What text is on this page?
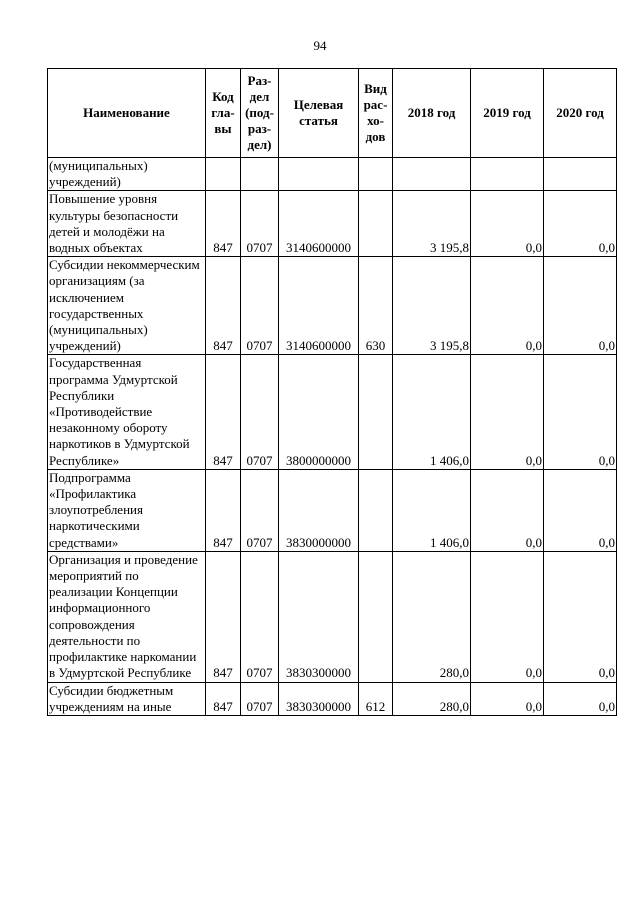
94
Наименование	Код гла-вы	Раз-дел (под-раз-дел)	Целевая статья	Вид рас-хо-дов	2018 год	2019 год	2020 год
(муниципальных) учреждений)							
Повышение уровня культуры безопасности детей и молодёжи на водных объектах	847	0707	3140600000		3 195,8	0,0	0,0
Субсидии некоммерческим организациям (за исключением государственных (муниципальных) учреждений)	847	0707	3140600000	630	3 195,8	0,0	0,0
Государственная программа Удмуртской Республики «Противодействие незаконному обороту наркотиков в Удмуртской Республике»	847	0707	3800000000		1 406,0	0,0	0,0
Подпрограмма «Профилактика злоупотребления наркотическими средствами»	847	0707	3830000000		1 406,0	0,0	0,0
Организация и проведение мероприятий по реализации Концепции информационного сопровождения деятельности по профилактике наркомании в Удмуртской Республике	847	0707	3830300000		280,0	0,0	0,0
Субсидии бюджетным учреждениям на иные	847	0707	3830300000	612	280,0	0,0	0,0
